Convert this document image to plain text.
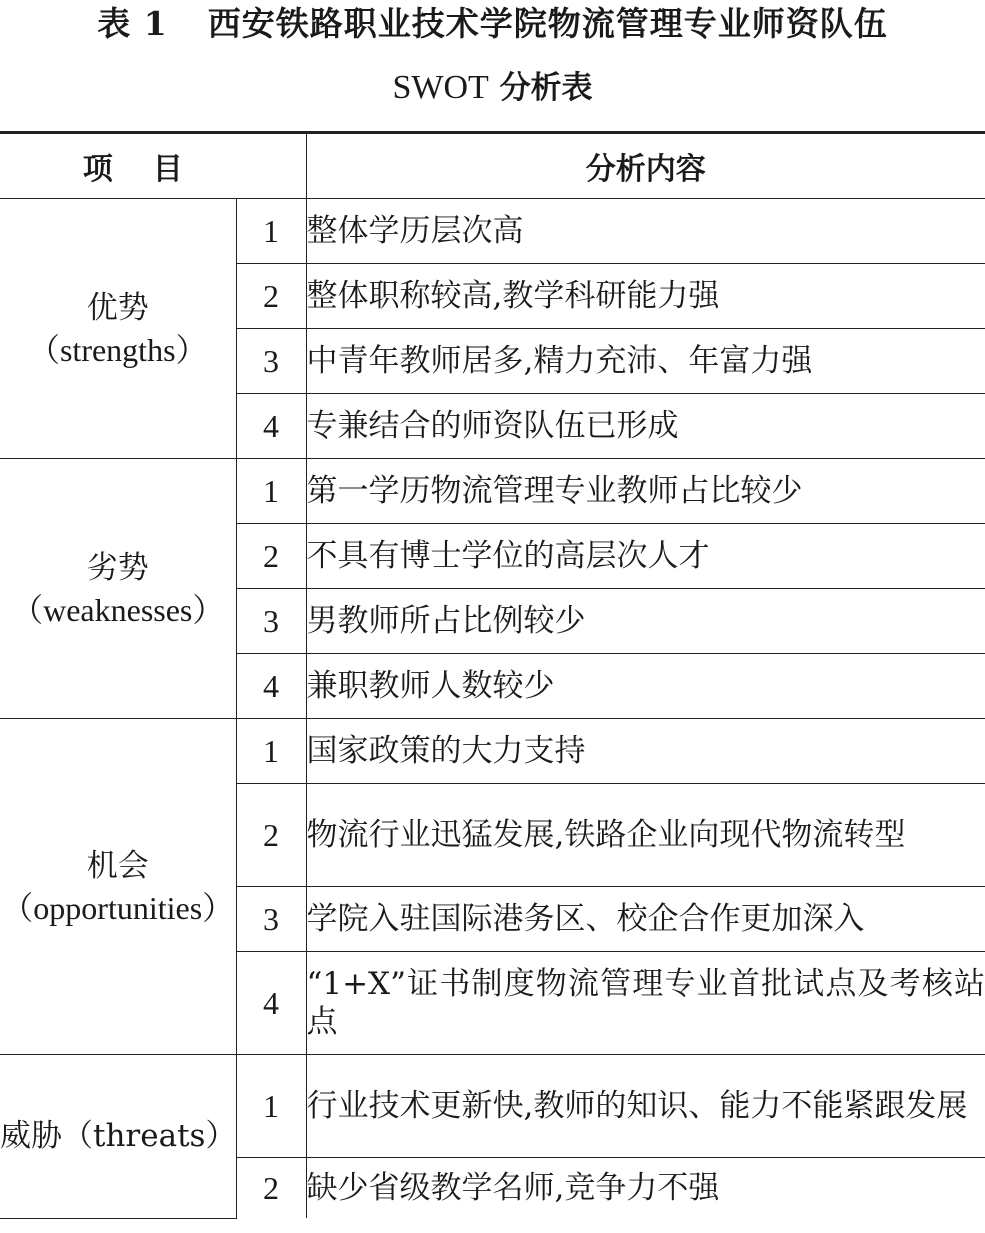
表 1 西安铁路职业技术学院物流管理专业师资队伍
SWOT 分析表
项目		分析内容

优势
（strengths）	1	整体学历层次高
	2	整体职称较高,教学科研能力强
	3	中青年教师居多,精力充沛、年富力强
	4	专兼结合的师资队伍已形成

劣势
（weaknesses）	1	第一学历物流管理专业教师占比较少
	2	不具有博士学位的高层次人才
	3	男教师所占比例较少
	4	兼职教师人数较少

机会
（opportunities）	1	国家政策的大力支持
	2	物流行业迅猛发展,铁路企业向现代物流转型
	3	学院入驻国际港务区、校企合作更加深入
	4	“1+X”证书制度物流管理专业首批试点及考核站点

威胁（threats）	1	行业技术更新快,教师的知识、能力不能紧跟发展
	2	缺少省级教学名师,竞争力不强
